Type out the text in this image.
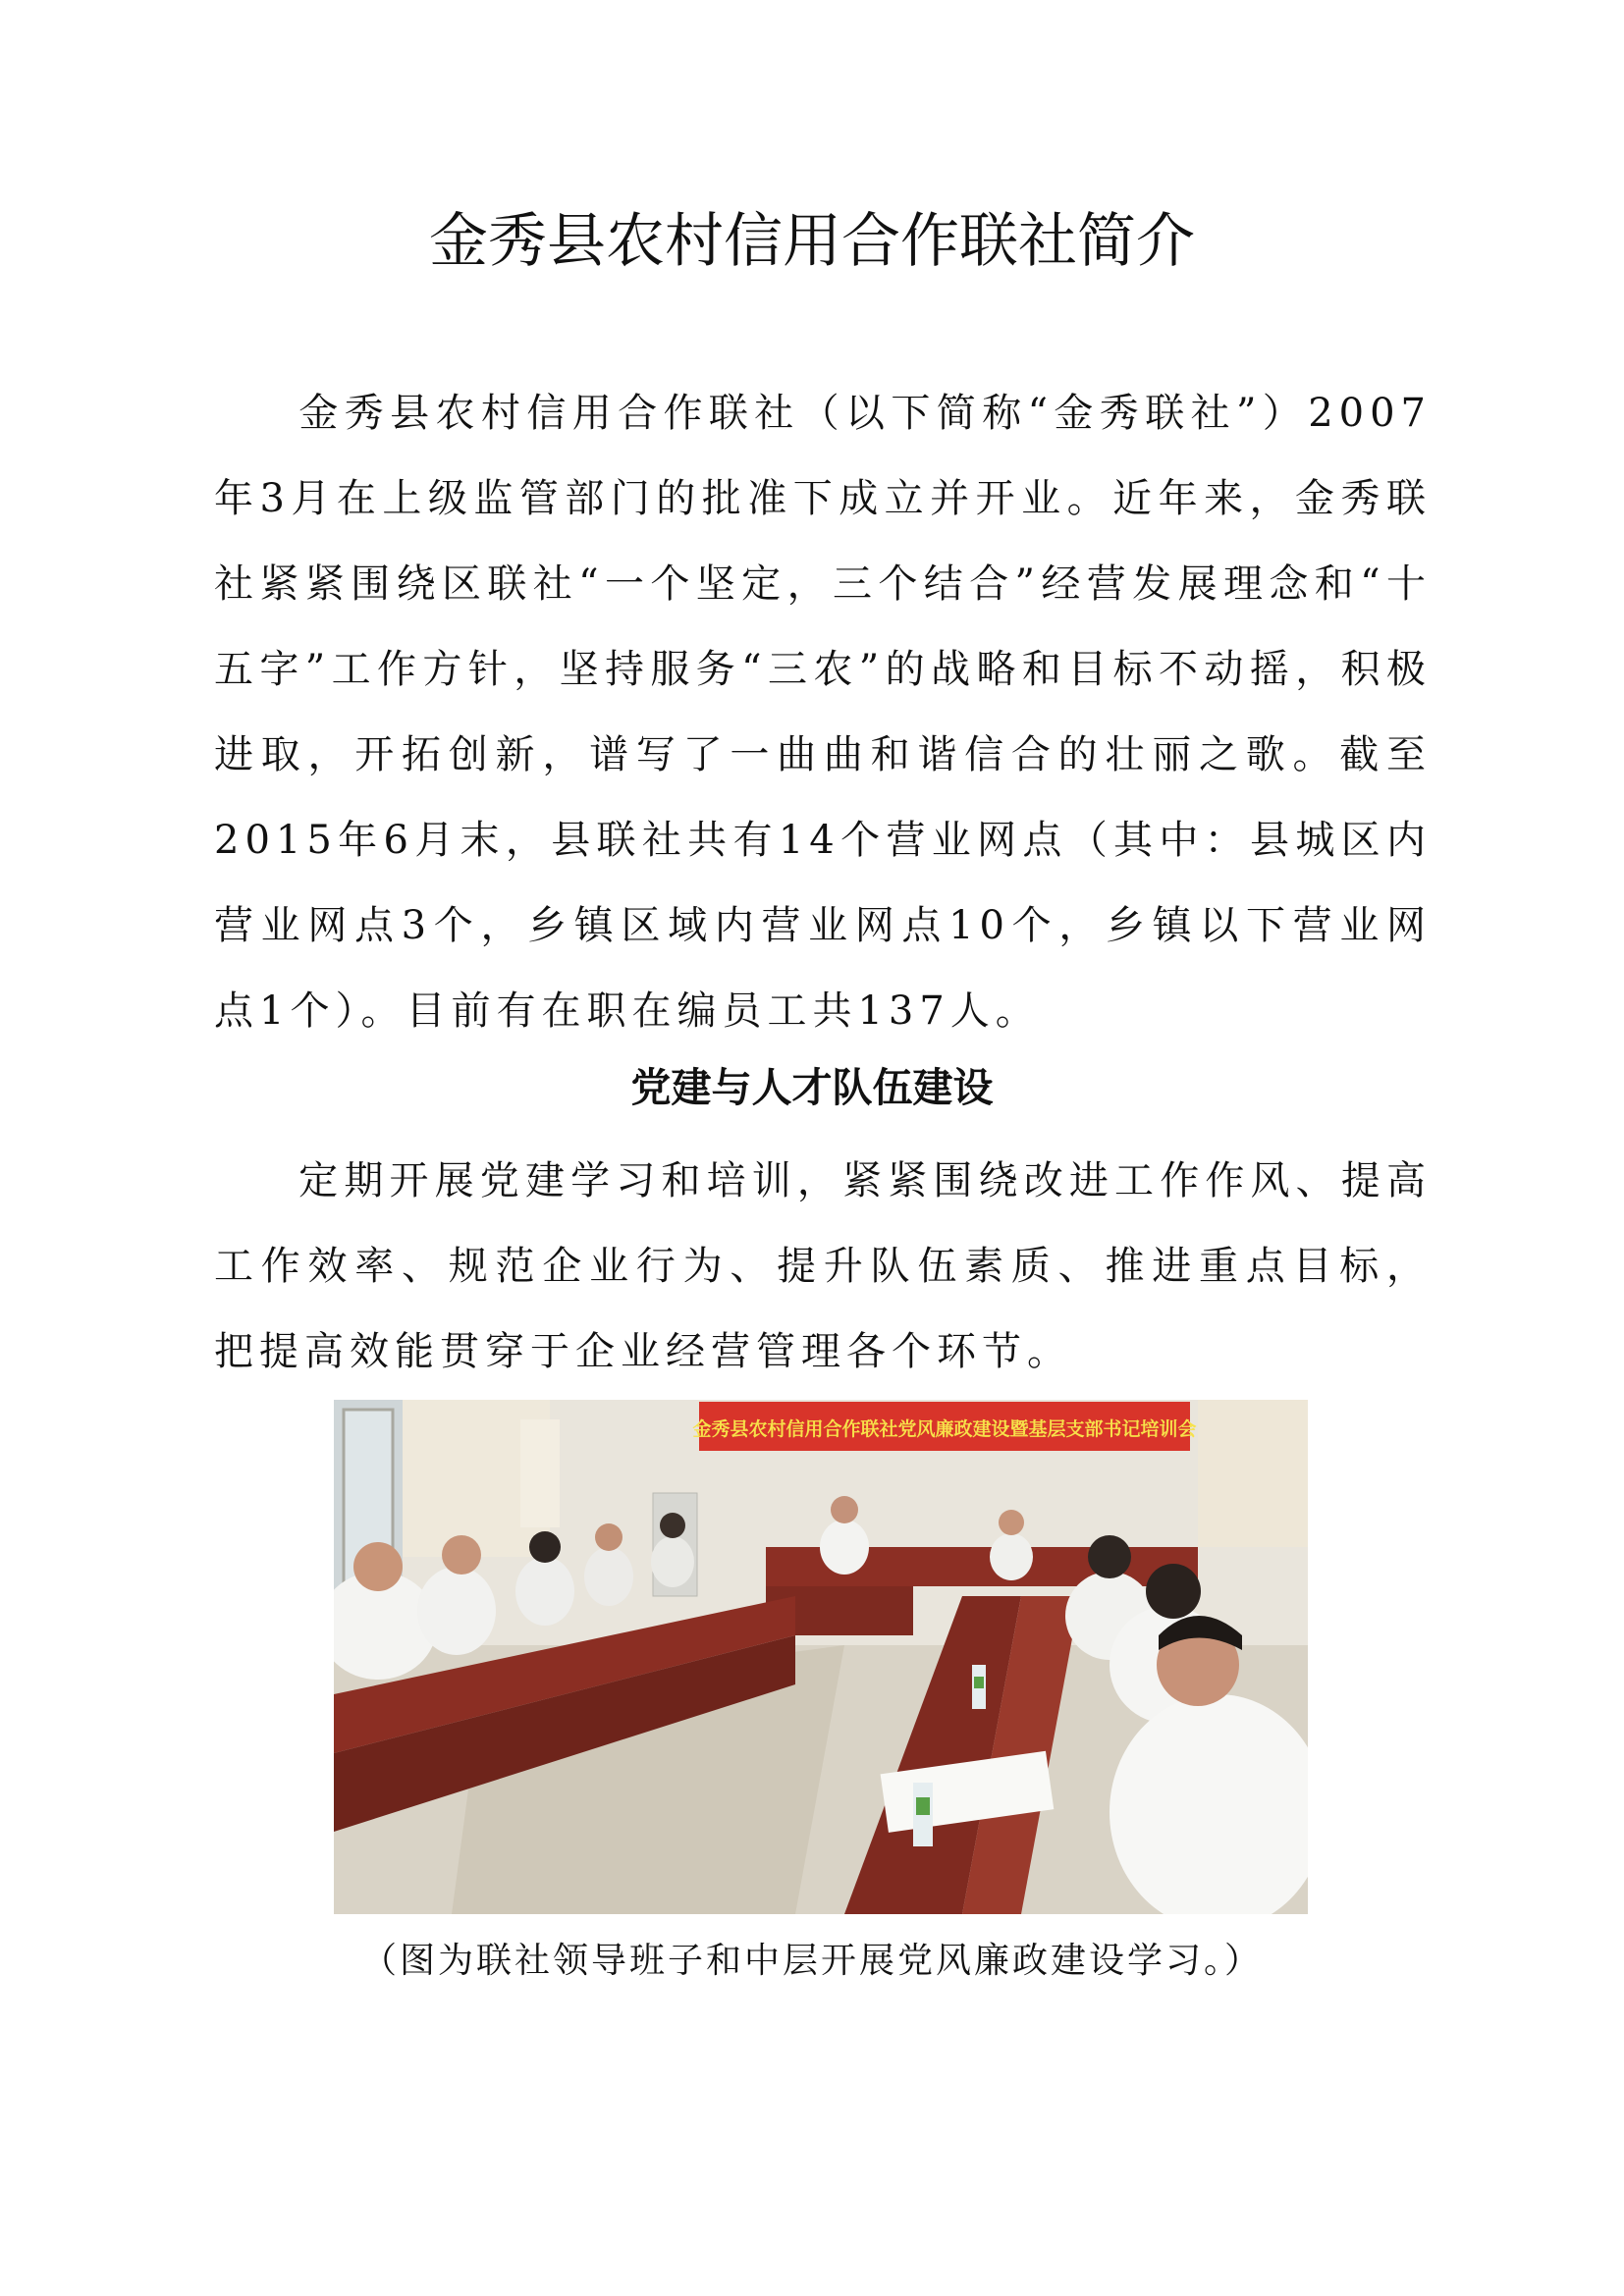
金秀县农村信用合作联社简介

金秀县农村信用合作联社（以下简称“金秀联社”）2007年3月在上级监管部门的批准下成立并开业。近年来，金秀联社紧紧围绕区联社“一个坚定，三个结合”经营发展理念和“十五字”工作方针，坚持服务“三农”的战略和目标不动摇，积极进取，开拓创新，谱写了一曲曲和谐信合的壮丽之歌。截至2015年6月末，县联社共有14个营业网点（其中：县城区内营业网点3个，乡镇区域内营业网点10个，乡镇以下营业网点1个）。目前有在职在编员工共137人。

党建与人才队伍建设

定期开展党建学习和培训，紧紧围绕改进工作作风、提高工作效率、规范企业行为、提升队伍素质、推进重点目标，把提高效能贯穿于企业经营管理各个环节。

金秀县农村信用合作联社党风廉政建设暨基层支部书记培训会
（图为联社领导班子和中层开展党风廉政建设学习。）
